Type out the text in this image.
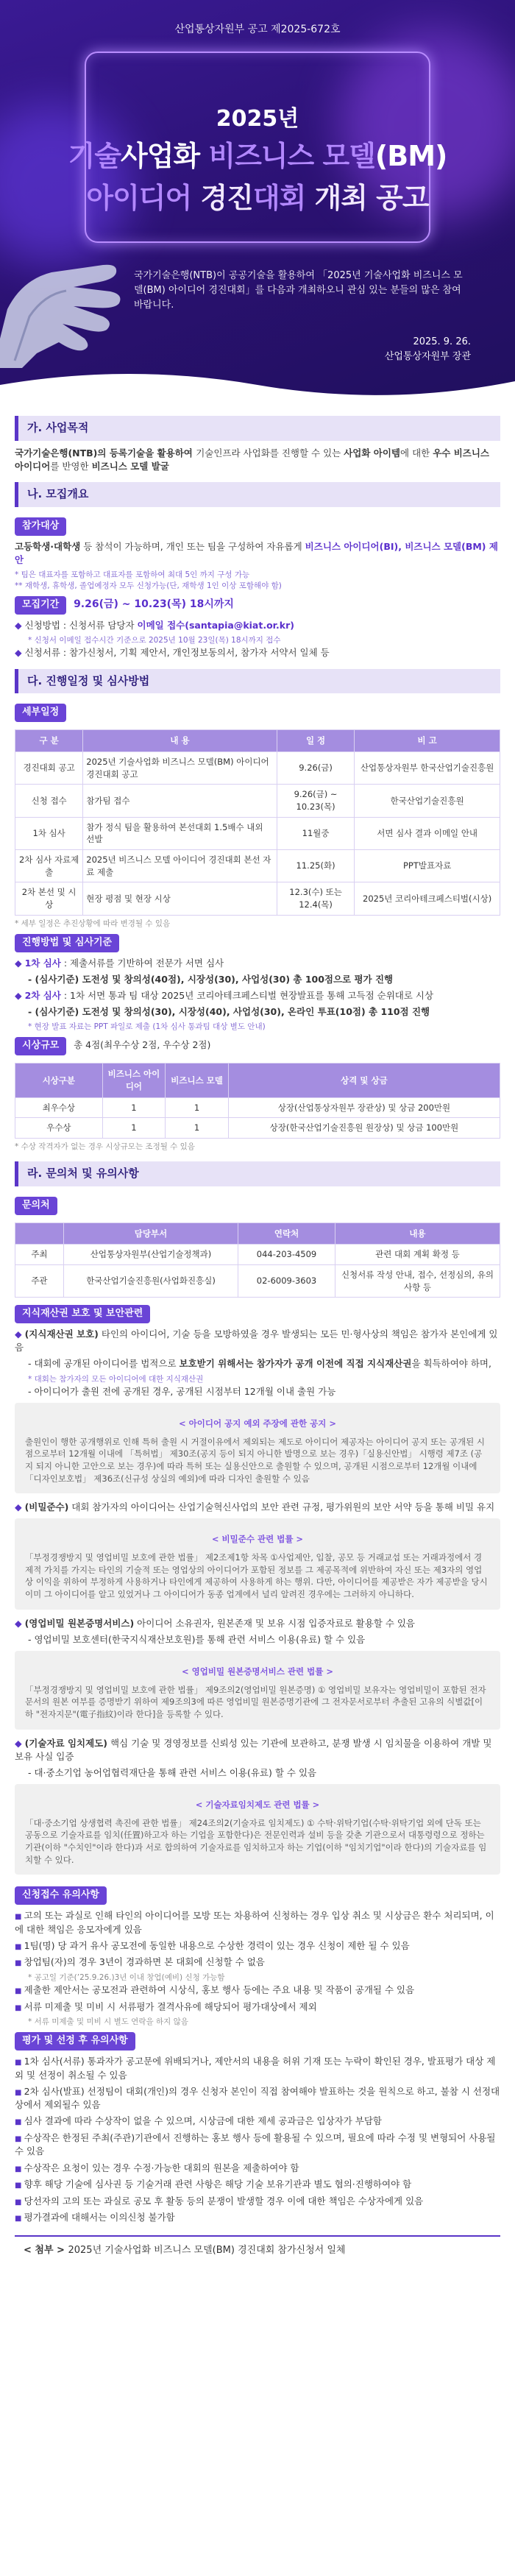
산업통상자원부 공고 제2025-672호
2025년
기술사업화 비즈니스 모델(BM)
아이디어 경진대회 개최 공고
국가기술은행(NTB)이 공공기술을 활용하여 「2025년 기술사업화 비즈니스 모델(BM) 아이디어 경진대회」를 다음과 개최하오니 관심 있는 분들의 많은 참여 바랍니다.
2025. 9. 26.
산업통상자원부 장관
가. 사업목적

국가기술은행(NTB)의 등록기술을 활용하여 기술인프라 사업화를 진행할 수 있는 사업화 아이템에 대한 우수 비즈니스 아이디어를 반영한 비즈니스 모델 발굴

나. 모집개요
참가대상

고등학생·대학생 등 참석이 가능하며, 개인 또는 팀을 구성하여 자유롭게 비즈니스 아이디어(BI), 비즈니스 모델(BM) 제안

* 팀은 대표자를 포함하고 대표자를 포함하여 최대 5인 까지 구성 가능
** 재학생, 휴학생, 졸업예정자 모두 신청가능(단, 재학생 1인 이상 포함해야 함)
모집기간 9.26(금) ~ 10.23(목) 18시까지

◆ 신청방법 : 신청서류 담당자 이메일 접수(santapia@kiat.or.kr)

* 신청서 이메일 접수시간 기준으로 2025년 10월 23일(목) 18시까지 접수

◆ 신청서류 : 참가신청서, 기획 제안서, 개인정보동의서, 참가자 서약서 일체 등

다. 진행일정 및 심사방법
세부일정
구 분	내 용	일 정	비 고
경진대회 공고	2025년 기술사업화 비즈니스 모델(BM) 아이디어 경진대회 공고	9.26(금)	산업통상자원부 한국산업기술진흥원
신청 접수	참가팀 접수	9.26(금) ~ 10.23(목)	한국산업기술진흥원
1차 심사	참가 정식 팀을 활용하여 본선대회 1.5배수 내외 선발	11월중	서면 심사 결과 이메일 안내
2차 심사 자료제출	2025년 비즈니스 모델 아이디어 경진대회 본선 자료 제출	11.25(화)	PPT발표자료
2차 본선 및 시상	현장 평점 및 현장 시상	12.3(수) 또는 12.4(목)	2025년 코리아테크페스티벌(시상)
* 세부 일정은 추진상황에 따라 변경될 수 있음
진행방법 및 심사기준

◆ 1차 심사 : 제출서류를 기반하여 전문가 서면 심사

- (심사기준) 도전성 및 창의성(40점), 시장성(30), 사업성(30) 총 100점으로 평가 진행

◆ 2차 심사 : 1차 서면 통과 팀 대상 2025년 코리아테크페스티벌 현장발표를 통해 고득점 순위대로 시상

- (심사기준) 도전성 및 창의성(30), 시장성(40), 사업성(30), 온라인 투표(10점) 총 110점 진행

* 현장 발표 자료는 PPT 파일로 제출 (1차 심사 통과팀 대상 별도 안내)
시상규모 총 4점(최우수상 2점, 우수상 2점)
시상구분	비즈니스 아이디어	비즈니스 모델	상격 및 상금
최우수상	1	1	상장(산업통상자원부 장관상) 및 상금 200만원
우수상	1	1	상장(한국산업기술진흥원 원장상) 및 상금 100만원
* 수상 작격자가 없는 경우 시상규모는 조정될 수 있음
라. 문의처 및 유의사항
문의처
	담당부서	연락처	내용
주최	산업통상자원부(산업기술정책과)	044-203-4509	관련 대회 계획 확정 등
주관	한국산업기술진흥원(사업화진흥실)	02-6009-3603	신청서류 작성 안내, 접수, 선정심의, 유의사항 등
지식재산권 보호 및 보안관련

◆ (지식재산권 보호) 타인의 아이디어, 기술 등을 모방하였을 경우 발생되는 모든 민·형사상의 책임은 참가자 본인에게 있음

- 대회에 공개된 아이디어를 법적으로 보호받기 위해서는 참가자가 공개 이전에 직접 지식재산권을 획득하여야 하며,

* 대회는 참가자의 모든 아이디어에 대한 지식재산권

- 아이디어가 출원 전에 공개된 경우, 공개된 시점부터 12개월 이내 출원 가능

< 아이디어 공지 예외 주장에 관한 공지 >
출원인이 행한 공개행위로 인해 특허 출원 시 거절이유에서 제외되는 제도로 아이디어 제공자는 아이디어 공지 또는 공개된 시점으로부터 12개월 이내에 「특허법」 제30조(공지 등이 되지 아니한 발명으로 보는 경우)「실용신안법」 시행령 제7조 (공지 되지 아니한 고안으로 보는 경우)에 따라 특허 또는 실용신안으로 출원할 수 있으며, 공개된 시점으로부터 12개월 이내에 「디자인보호법」 제36조(신규성 상실의 예외)에 따라 디자인 출원할 수 있음

◆ (비밀준수) 대회 참가자의 아이디어는 산업기술혁신사업의 보안 관련 규정, 평가위원의 보안 서약 등을 통해 비밀 유지

< 비밀준수 관련 법률 >
「부정경쟁방지 및 영업비밀 보호에 관한 법률」 제2조제1항 차목 ①사업제안, 입찰, 공모 등 거래교섭 또는 거래과정에서 경제적 가치를 가지는 타인의 기술적 또는 영업상의 아이디어가 포함된 정보를 그 제공목적에 위반하여 자신 또는 제3자의 영업상 이익을 위하여 부정하게 사용하거나 타인에게 제공하여 사용하게 하는 행위. 다만, 아이디어를 제공받은 자가 제공받을 당시 이미 그 아이디어를 알고 있었거나 그 아이디어가 동종 업계에서 널리 알려진 경우에는 그러하지 아니하다.

◆ (영업비밀 원본증명서비스) 아이디어 소유권자, 원본존재 및 보유 시점 입증자료로 활용할 수 있음

- 영업비밀 보호센터(한국지식재산보호원)를 통해 관련 서비스 이용(유료) 할 수 있음

< 영업비밀 원본증명서비스 관련 법률 >
「부정경쟁방지 및 영업비밀 보호에 관한 법률」 제9조의2(영업비밀 원본증명) ① 영업비밀 보유자는 영업비밀이 포함된 전자문서의 원본 여부를 증명받기 위하여 제9조의3에 따른 영업비밀 원본증명기관에 그 전자문서로부터 추출된 고유의 식별값[이하 "전자지문"(電子指紋)이라 한다]을 등록할 수 있다.

◆ (기술자료 임치제도) 핵심 기술 및 경영정보를 신뢰성 있는 기관에 보관하고, 분쟁 발생 시 임치물을 이용하여 개발 및 보유 사실 입증

- 대·중소기업 농어업협력재단을 통해 관련 서비스 이용(유료) 할 수 있음

< 기술자료임치제도 관련 법률 >
「대·중소기업 상생협력 촉진에 관한 법률」 제24조의2(기술자료 임치제도) ① 수탁·위탁기업(수탁·위탁기업 외에 단독 또는 공동으로 기술자료를 임치(任置)하고자 하는 기업을 포함한다)은 전문인력과 설비 등을 갖춘 기관으로서 대통령령으로 정하는 기관(이하 "수치인"이라 한다)과 서로 합의하여 기술자료를 임치하고자 하는 기업(이하 "임치기업"이라 한다)의 기술자료를 임치할 수 있다.
신청접수 유의사항

■ 고의 또는 과실로 인해 타인의 아이디어를 모방 또는 차용하여 신청하는 경우 입상 취소 및 시상금은 환수 처리되며, 이에 대한 책임은 응모자에게 있음

■ 1팀(명) 당 과거 유사 공모전에 동일한 내용으로 수상한 경력이 있는 경우 신청이 제한 될 수 있음

■ 창업팀(자)의 경우 3년이 경과하면 본 대회에 신청할 수 없음

* 공고일 기준(’25.9.26.)3년 이내 창업(예비) 신청 가능함

■ 제출한 제안서는 공모전과 관련하여 시상식, 홍보 행사 등에는 주요 내용 및 작품이 공개될 수 있음

■ 서류 미제출 및 미비 시 서류평가 결격사유에 해당되어 평가대상에서 제외

* 서류 미제출 및 미비 시 별도 연락을 하지 않음
평가 및 선정 후 유의사항

■ 1차 심사(서류) 통과자가 공고문에 위배되거나, 제안서의 내용을 허위 기재 또는 누락이 확인된 경우, 발표평가 대상 제외 및 선정이 취소될 수 있음

■ 2차 심사(발표) 선정팀이 대회(개인)의 경우 신청자 본인이 직접 참여해야 발표하는 것을 원칙으로 하고, 불참 시 선정대상에서 제외될수 있음

■ 심사 결과에 따라 수상작이 없을 수 있으며, 시상금에 대한 제세 공과금은 입상자가 부담함

■ 수상작은 한정된 주최(주관)기관에서 진행하는 홍보 행사 등에 활용될 수 있으며, 필요에 따라 수정 및 변형되어 사용될 수 있음

■ 수상작은 요청이 있는 경우 수정·가능한 대회의 원본을 제출하여야 함

■ 향후 해당 기술에 심사권 등 기술거래 관련 사항은 해당 기술 보유기관과 별도 협의·진행하여야 함

■ 당선자의 고의 또는 과실로 공모 후 활동 등의 분쟁이 발생할 경우 이에 대한 책임은 수상자에게 있음

■ 평가결과에 대해서는 이의신청 불가함

< 첨부 > 2025년 기술사업화 비즈니스 모델(BM) 경진대회 참가신청서 일체
